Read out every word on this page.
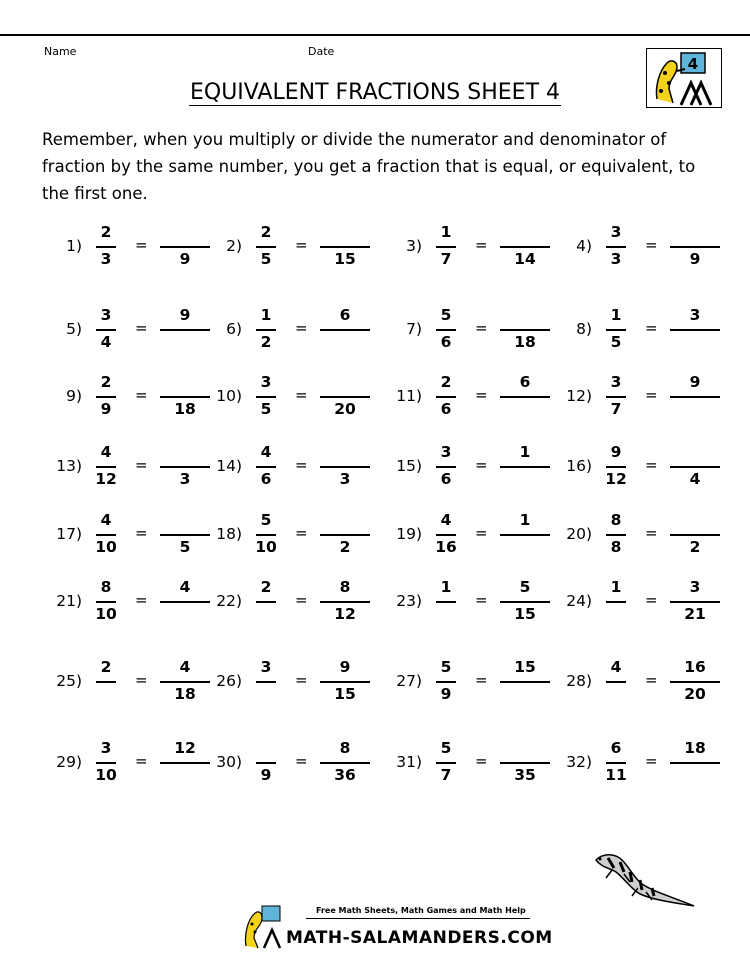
Name	Date
4
EQUIVALENT FRACTIONS SHEET 4
Remember, when you multiply or divide the numerator and denominator of fraction by the same number, you get a fraction that is equal, or equivalent, to the first one.
1)
2
3
=
9
2)
2
5
=
15
3)
1
7
=
14
4)
3
3
=
9
5)
3
4
=
9
6)
1
2
=
6
7)
5
6
=
18
8)
1
5
=
3
9)
2
9
=
18
10)
3
5
=
20
11)
2
6
=
6
12)
3
7
=
9
13)
4
12
=
3
14)
4
6
=
3
15)
3
6
=
1
16)
9
12
=
4
17)
4
10
=
5
18)
5
10
=
2
19)
4
16
=
1
20)
8
8
=
2
21)
8
10
=
4
22)
2
=
8
12
23)
1
=
5
15
24)
1
=
3
21
25)
2
=
4
18
26)
3
=
9
15
27)
5
9
=
15
28)
4
=
16
20
29)
3
10
=
12
30)
9
=
8
36
31)
5
7
=
35
32)
6
11
=
18
Free Math Sheets, Math Games and Math Help
MATH-SALAMANDERS.COM
